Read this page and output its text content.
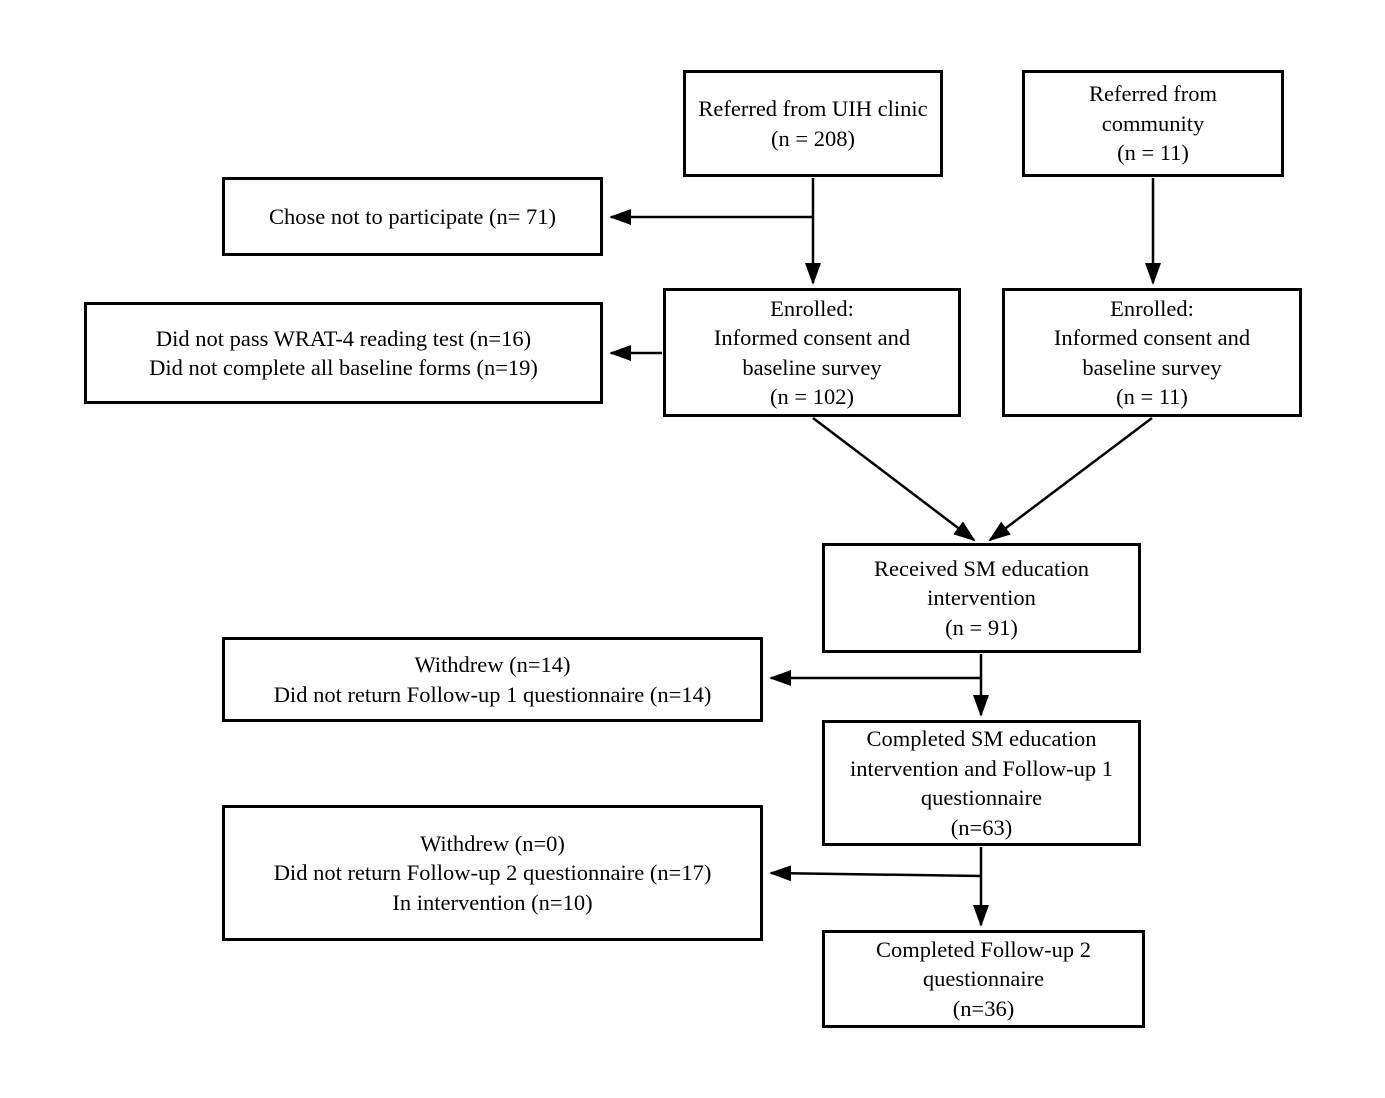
Referred from UIH clinic
(n = 208)
Referred from
community
(n = 11)
Chose not to participate (n= 71)
Did not pass WRAT-4 reading test (n=16)
Did not complete all baseline forms (n=19)
Enrolled:
Informed consent and
baseline survey
(n = 102)
Enrolled:
Informed consent and
baseline survey
(n = 11)
Received SM education
intervention
(n = 91)
Withdrew (n=14)
Did not return Follow-up 1 questionnaire (n=14)
Completed SM education
intervention and Follow-up 1
questionnaire
(n=63)
Withdrew (n=0)
Did not return Follow-up 2 questionnaire (n=17)
In intervention (n=10)
Completed Follow-up 2
questionnaire
(n=36)
